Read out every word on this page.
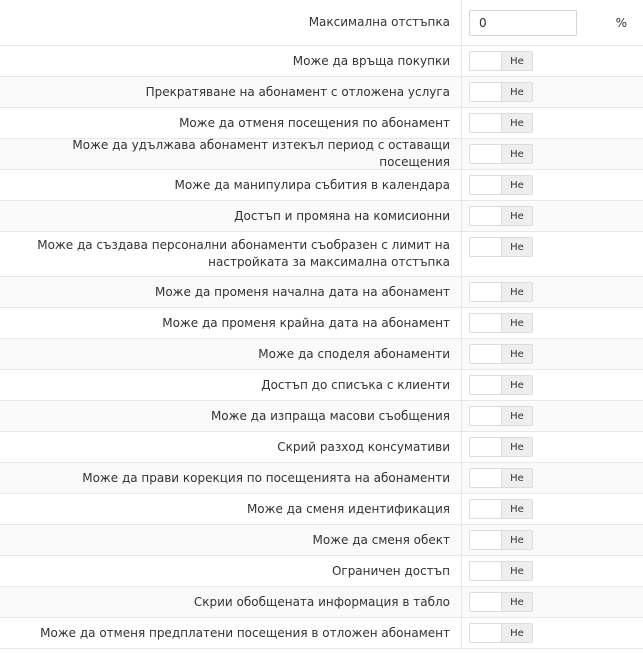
Максимална отстъпка
0	%
Може да връща покупки	Не
Прекратяване на абонамент с отложена услуга	Не
Може да отменя посещения по абонамент	Не
Може да удължава абонамент изтекъл период с оставащи посещения
Не
Може да манипулира събития в календара	Не
Достъп и промяна на комисионни	Не
Може да създава персонални абонаменти съобразен с лимит на настройката за максимална отстъпка
Не
Може да променя начална дата на абонамент	Не
Може да променя крайна дата на абонамент	Не
Може да споделя абонаменти	Не
Достъп до списъка с клиенти	Не
Може да изпраща масови съобщения	Не
Скрий разход консумативи	Не
Може да прави корекция по посещенията на абонаменти	Не
Може да сменя идентификация	Не
Може да сменя обект	Не
Ограничен достъп	Не
Скрии обобщената информация в табло	Не
Може да отменя предплатени посещения в отложен абонамент	Не
